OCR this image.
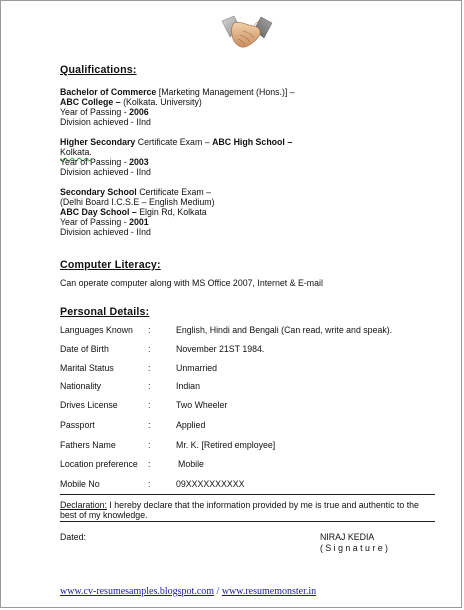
Qualifications:
Bachelor of Commerce [Marketing Management (Hons.)] –
ABC College – (Kolkata. University)
Year of Passing - 2006
Division achieved - IInd
Higher Secondary Certificate Exam – ABC High School –
Kolkata.
Year of Passing - 2003
Division achieved - IInd
Secondary School Certificate Exam –
(Delhi Board I.C.S.E – English Medium)
ABC Day School – Elgin Rd, Kolkata
Year of Passing - 2001
Division achieved - IInd
Computer Literacy:
Can operate computer along with MS Office 2007, Internet & E-mail
Personal Details:
Languages Known :	English, Hindi and Bengali (Can read, write and speak).
Date of Birth	:	November 21ST 1984.
Marital Status	:	Unmarried
Nationality	:	Indian
Drives License	:	Two Wheeler
Passport	:	Applied
Fathers Name	:	Mr. K. [Retired employee]
Location preference :	Mobile
Mobile No	:	09XXXXXXXXXX
Declaration: I hereby declare that the information provided by me is true and authentic to the best of my knowledge.
Dated:	NIRAJ KEDIA
( S i g n a t u r e )
www.cv-resumesamples.blogspot.com / www.resumemonster.in
